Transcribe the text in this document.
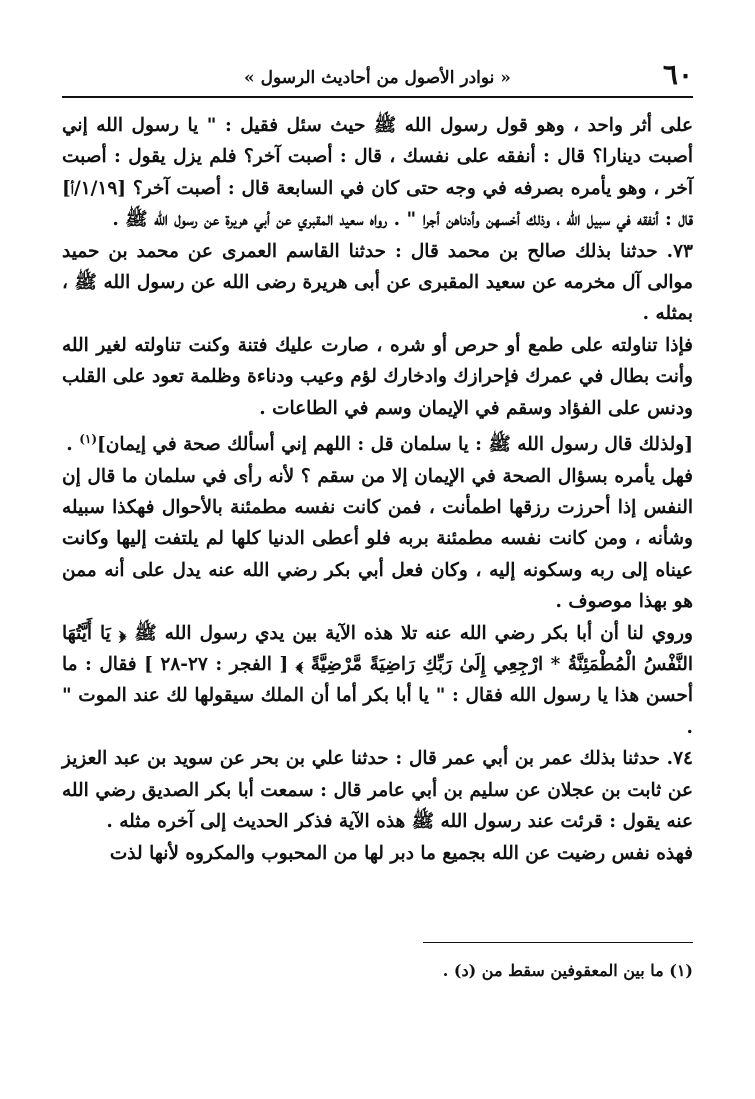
٦٠
« نوادر الأصول من أحاديث الرسول »

على أثر واحد ، وهو قول رسول الله ﷺ حيث سئل فقيل : " يا رسول الله إني أصبت دينارا؟ قال : أنفقه على نفسك ، قال : أصبت آخر؟ فلم يزل يقول : أصبت آخر ، وهو يأمره بصرفه في وجه حتى كان في السابعة قال : أصبت آخر؟ [١/١٩/أ] قال : أنفقه في سبيل الله ، وذلك أخسهن وأدناهن أجرا " . رواه سعيد المقبري عن أبي هريرة عن رسول الله ﷺ .

٧٣. حدثنا بذلك صالح بن محمد قال : حدثنا القاسم العمرى عن محمد بن حميد موالى آل مخرمه عن سعيد المقبرى عن أبى هريرة رضى الله عن رسول الله ﷺ ، بمثله .

فإذا تناولته على طمع أو حرص أو شره ، صارت عليك فتنة وكنت تناولته لغير الله وأنت بطال في عمرك فإحرازك وادخارك لؤم وعيب ودناءة وظلمة تعود على القلب ودنس على الفؤاد وسقم في الإيمان وسم في الطاعات .

[ولذلك قال رسول الله ﷺ : يا سلمان قل : اللهم إني أسألك صحة في إيمان]$^{(١)}$ .

فهل يأمره بسؤال الصحة في الإيمان إلا من سقم ؟ لأنه رأى في سلمان ما قال إن النفس إذا أحرزت رزقها اطمأنت ، فمن كانت نفسه مطمئنة بالأحوال فهكذا سبيله وشأنه ، ومن كانت نفسه مطمئنة بربه فلو أعطى الدنيا كلها لم يلتفت إليها وكانت عيناه إلى ربه وسكونه إليه ، وكان فعل أبي بكر رضي الله عنه يدل على أنه ممن هو بهذا موصوف .

وروي لنا أن أبا بكر رضي الله عنه تلا هذه الآية بين يدي رسول الله ﷺ ﴿ يَا أَيَّتُهَا النَّفْسُ الْمُطْمَئِنَّةُ * ارْجِعِي إِلَىٰ رَبِّكِ رَاضِيَةً مَّرْضِيَّةً ﴾ [ الفجر : ٢٧-٢٨ ] فقال : ما أحسن هذا يا رسول الله فقال : " يا أبا بكر أما أن الملك سيقولها لك عند الموت " .

٧٤. حدثنا بذلك عمر بن أبي عمر قال : حدثنا علي بن بحر عن سويد بن عبد العزيز عن ثابت بن عجلان عن سليم بن أبي عامر قال : سمعت أبا بكر الصديق رضي الله عنه يقول : قرئت عند رسول الله ﷺ هذه الآية فذكر الحديث إلى آخره مثله .

فهذه نفس رضيت عن الله بجميع ما دبر لها من المحبوب والمكروه لأنها لذت

(١) ما بين المعقوفين سقط من (د) .
